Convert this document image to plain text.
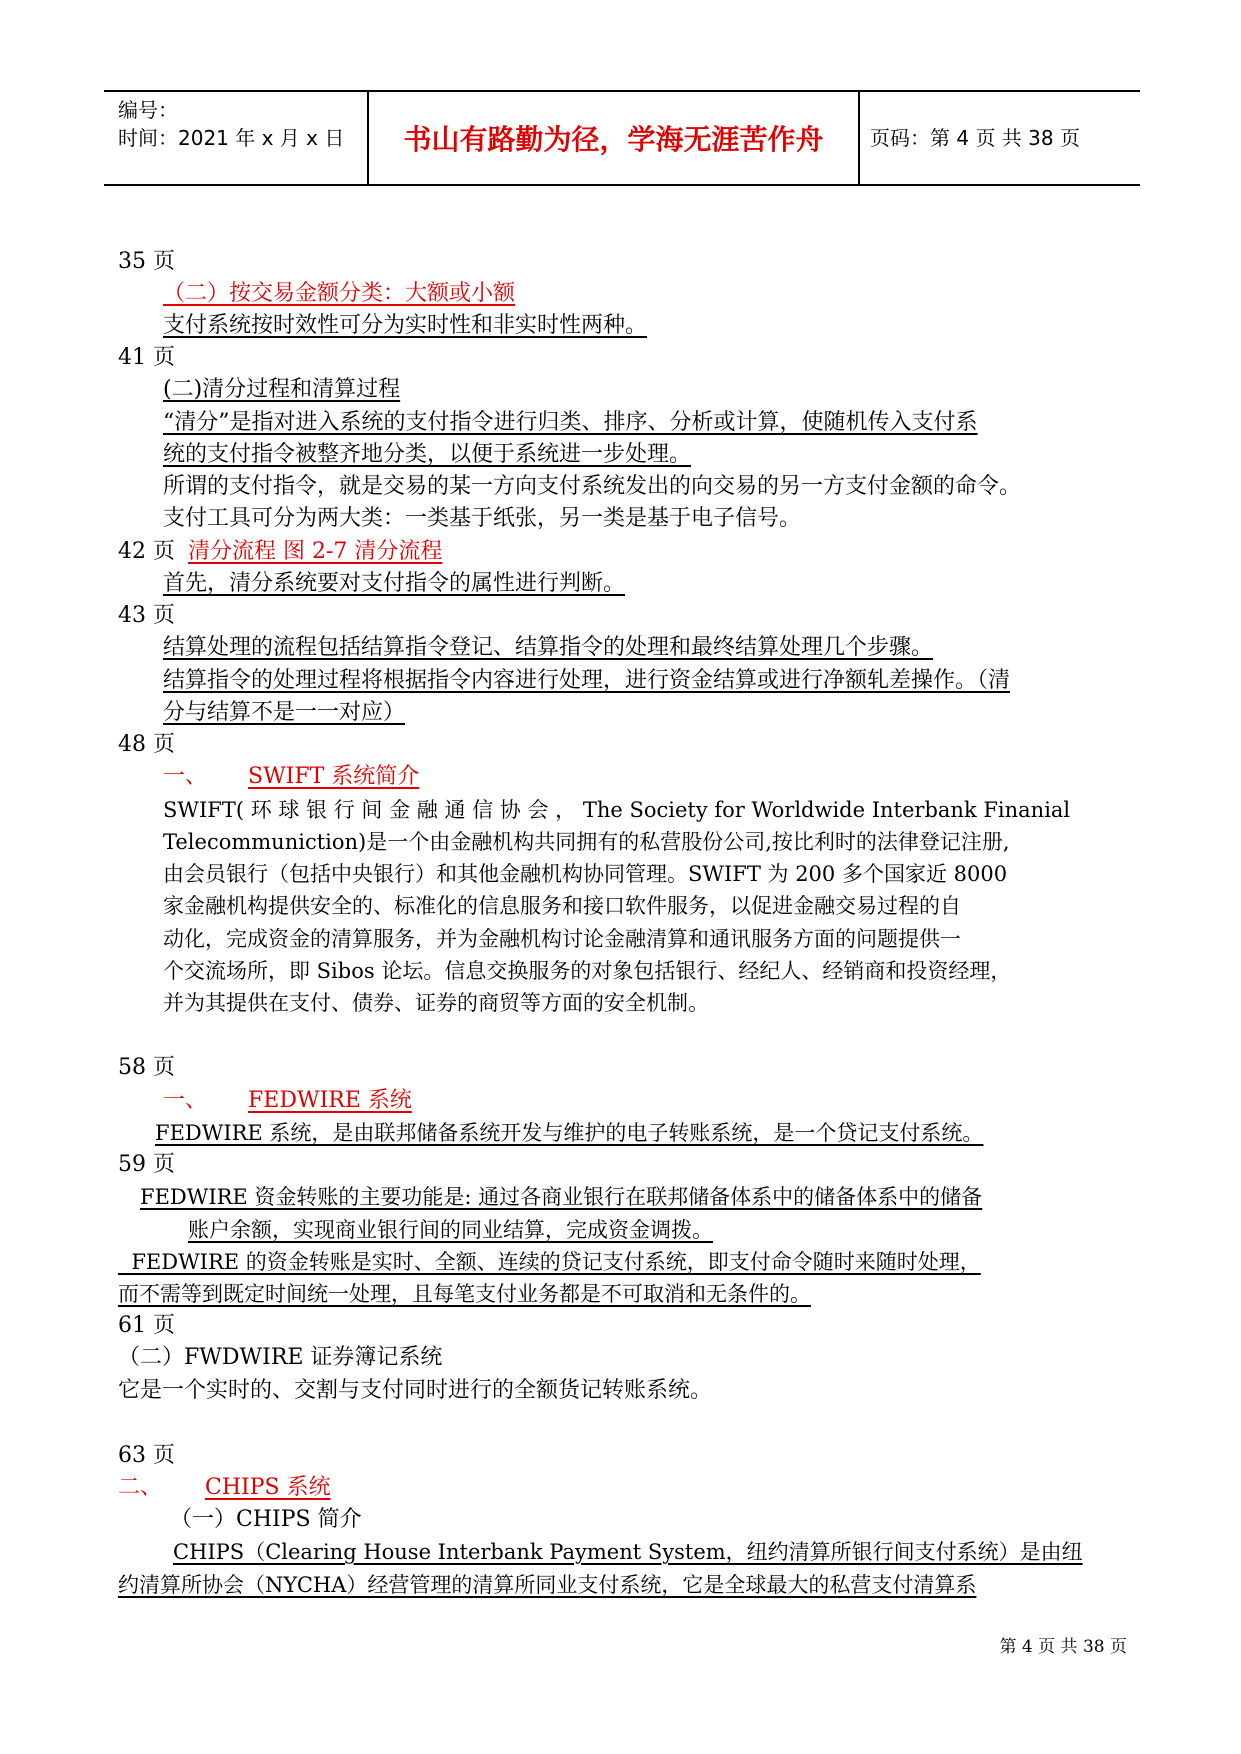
编号：
时间：2021 年 x 月 x 日	书山有路勤为径，学海无涯苦作舟	页码：第 4 页 共 38 页
35 页
（二）按交易金额分类：大额或小额
支付系统按时效性可分为实时性和非实时性两种。
41 页
(二)清分过程和清算过程
“清分”是指对进入系统的支付指令进行归类、排序、分析或计算，使随机传入支付系
统的支付指令被整齐地分类，以便于系统进一步处理。
所谓的支付指令，就是交易的某一方向支付系统发出的向交易的另一方支付金额的命令。
支付工具可分为两大类：一类基于纸张，另一类是基于电子信号。
42 页 清分流程 图 2-7 清分流程
首先，清分系统要对支付指令的属性进行判断。
43 页
结算处理的流程包括结算指令登记、结算指令的处理和最终结算处理几个步骤。
结算指令的处理过程将根据指令内容进行处理，进行资金结算或进行净额轧差操作。（清
分与结算不是一一对应）
48 页
一、 SWIFT 系统简介
SWIFT( 环 球 银 行 间 金 融 通 信 协 会 ， The Society for Worldwide Interbank Finanial
Telecommuniction)是一个由金融机构共同拥有的私营股份公司,按比利时的法律登记注册,
由会员银行（包括中央银行）和其他金融机构协同管理。SWIFT 为 200 多个国家近 8000
家金融机构提供安全的、标准化的信息服务和接口软件服务，以促进金融交易过程的自
动化，完成资金的清算服务，并为金融机构讨论金融清算和通讯服务方面的问题提供一
个交流场所，即 Sibos 论坛。信息交换服务的对象包括银行、经纪人、经销商和投资经理，
并为其提供在支付、债券、证券的商贸等方面的安全机制。
58 页
一、 FEDWIRE 系统
FEDWIRE 系统，是由联邦储备系统开发与维护的电子转账系统，是一个贷记支付系统。
59 页
FEDWIRE 资金转账的主要功能是: 通过各商业银行在联邦储备体系中的储备体系中的储备
账户余额，实现商业银行间的同业结算，完成资金调拨。
FEDWIRE 的资金转账是实时、全额、连续的贷记支付系统，即支付命令随时来随时处理，
而不需等到既定时间统一处理，且每笔支付业务都是不可取消和无条件的。
61 页
（二）FWDWIRE 证券簿记系统
它是一个实时的、交割与支付同时进行的全额货记转账系统。
63 页
二、 CHIPS 系统
（一）CHIPS 简介
CHIPS（Clearing House Interbank Payment System，纽约清算所银行间支付系统）是由纽
约清算所协会（NYCHA）经营管理的清算所同业支付系统，它是全球最大的私营支付清算系
第 4 页 共 38 页
